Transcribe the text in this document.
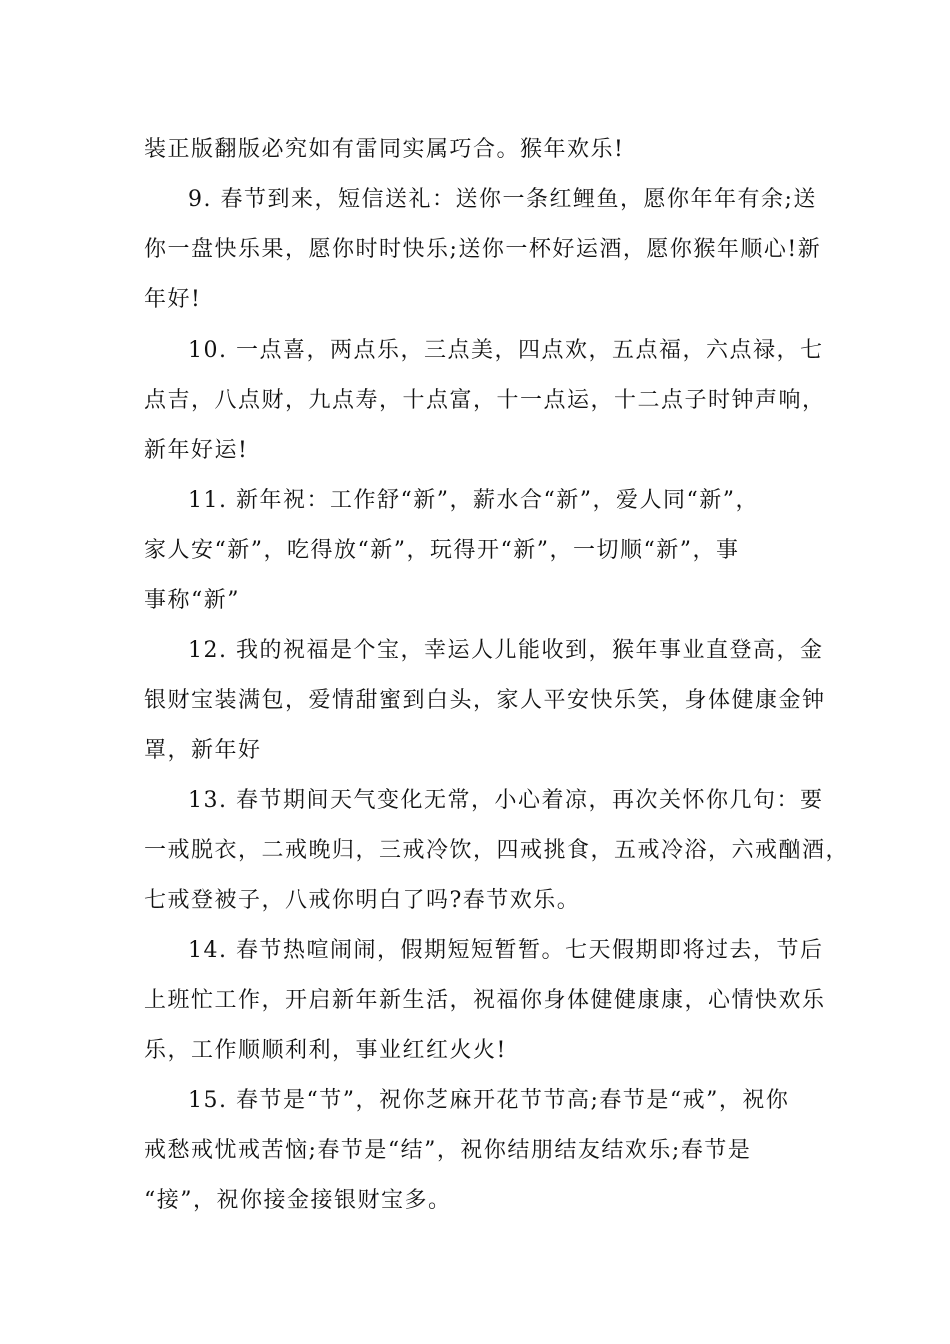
装正版翻版必究如有雷同实属巧合。猴年欢乐!
9. 春节到来，短信送礼：送你一条红鲤鱼，愿你年年有余;送
你一盘快乐果，愿你时时快乐;送你一杯好运酒，愿你猴年顺心!新
年好!
10. 一点喜，两点乐，三点美，四点欢，五点福，六点禄，七
点吉，八点财，九点寿，十点富，十一点运，十二点子时钟声响，
新年好运!
11. 新年祝：工作舒“新”，薪水合“新”，爱人同“新”，
家人安“新”，吃得放“新”，玩得开“新”，一切顺“新”，事
事称“新”
12. 我的祝福是个宝，幸运人儿能收到，猴年事业直登高，金
银财宝装满包，爱情甜蜜到白头，家人平安快乐笑，身体健康金钟
罩，新年好
13. 春节期间天气变化无常，小心着凉，再次关怀你几句：要
一戒脱衣，二戒晚归，三戒冷饮，四戒挑食，五戒冷浴，六戒酗酒，
七戒登被子，八戒你明白了吗?春节欢乐。
14. 春节热喧闹闹，假期短短暂暂。七天假期即将过去，节后
上班忙工作，开启新年新生活，祝福你身体健健康康，心情快欢乐
乐，工作顺顺利利，事业红红火火!
15. 春节是“节”，祝你芝麻开花节节高;春节是“戒”，祝你
戒愁戒忧戒苦恼;春节是“结”，祝你结朋结友结欢乐;春节是
“接”，祝你接金接银财宝多。
